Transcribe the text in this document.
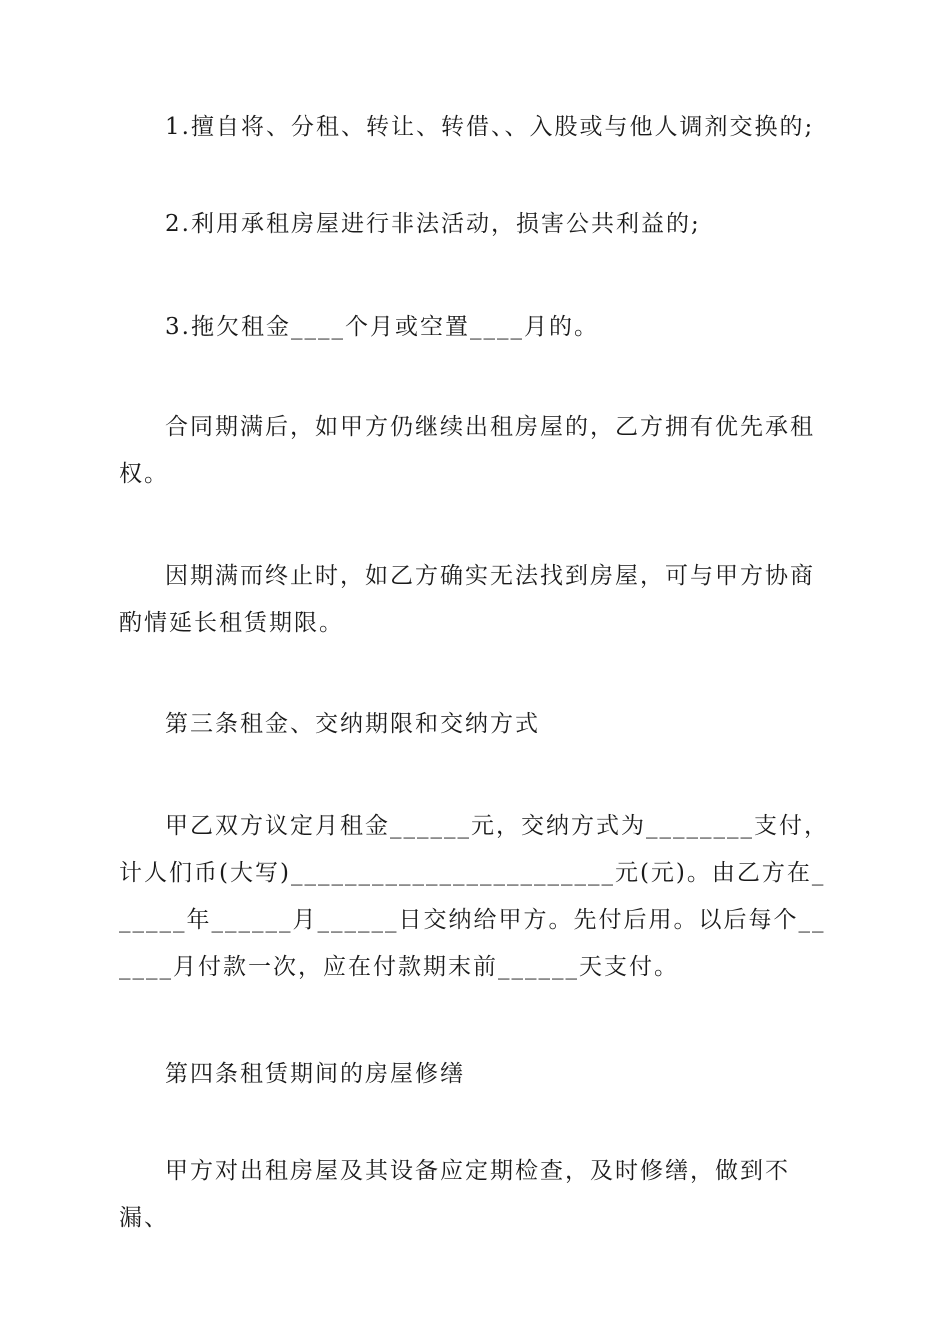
1.擅自将、分租、转让、转借、、入股或与他人调剂交换的;

2.利用承租房屋进行非法活动，损害公共利益的;

3.拖欠租金____个月或空置____月的。

合同期满后，如甲方仍继续出租房屋的，乙方拥有优先承租权。

因期满而终止时，如乙方确实无法找到房屋，可与甲方协商酌情延长租赁期限。

第三条租金、交纳期限和交纳方式

甲乙双方议定月租金______元，交纳方式为________支付，计人们币(大写)________________________元(元)。由乙方在______年______月______日交纳给甲方。先付后用。以后每个______月付款一次，应在付款期末前______天支付。

第四条租赁期间的房屋修缮

甲方对出租房屋及其设备应定期检查，及时修缮，做到不漏、
